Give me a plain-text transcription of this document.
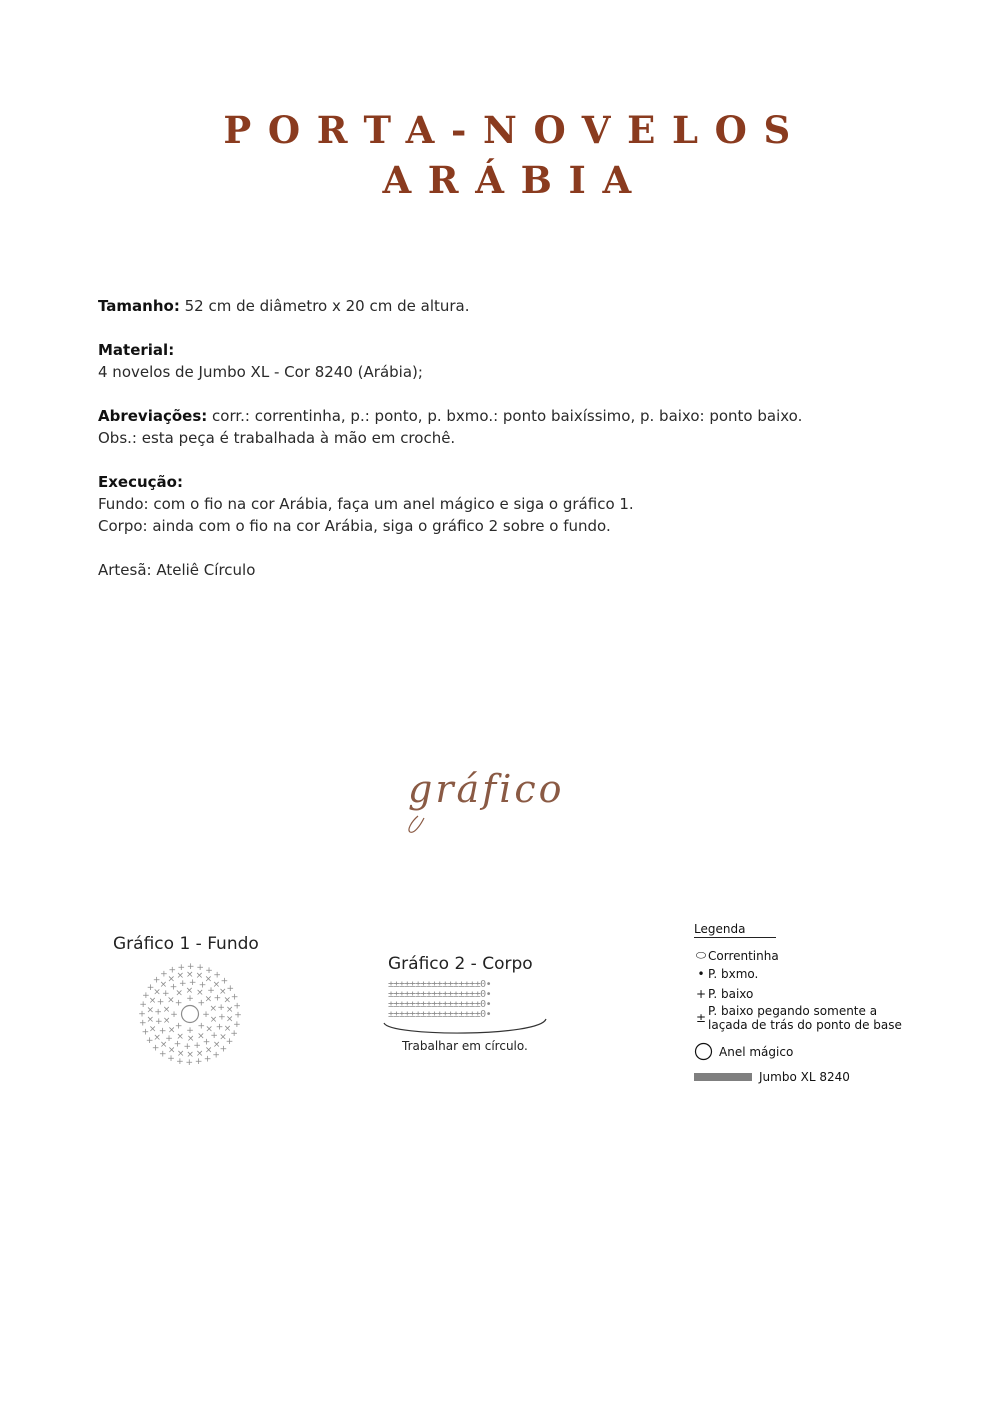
PORTA-NOVELOS
ARÁBIA

Tamanho: 52 cm de diâmetro x 20 cm de altura.

Material:

4 novelos de Jumbo XL - Cor 8240 (Arábia);

Abreviações: corr.: correntinha, p.: ponto, p. bxmo.: ponto baixíssimo, p. baixo: ponto baixo.

Obs.: esta peça é trabalhada à mão em crochê.

Execução:

Fundo: com o fio na cor Arábia, faça um anel mágico e siga o gráfico 1.

Corpo: ainda com o fio na cor Arábia, siga o gráfico 2 sobre o fundo.

Artesã: Ateliê Círculo

gráfico
Gráfico 1 - Fundo
+
+
+
+
+
+ + +
×
×
×
×
×
×
×
×
×
× × ×
×
×
+
+
+
+
+
+
+
+
+
+
+
+
+ + + +
+
+
+
+
×
×
×
×
×
×
×
×
×
×
×
×
×
×
×
× × × × ×
×
×
×
×
×
×
+
+
+
+
+
+
+
+
+
+
+
+
+
+
+
+
+
+ + + + + + +
+
+
+
+
+
+
+
+
Gráfico 2 - Corpo
±±±±±±±±±±±±±±±±±0•
±±±±±±±±±±±±±±±±±0•
±±±±±±±±±±±±±±±±±0•
±±±±±±±±±±±±±±±±±0•
Trabalhar em círculo.
Legenda
⬭ Correntinha
• P. bxmo.
+ P. baixo
± P. baixo pegando somente a
laçada de trás do ponto de base
Anel mágico
Jumbo XL 8240
